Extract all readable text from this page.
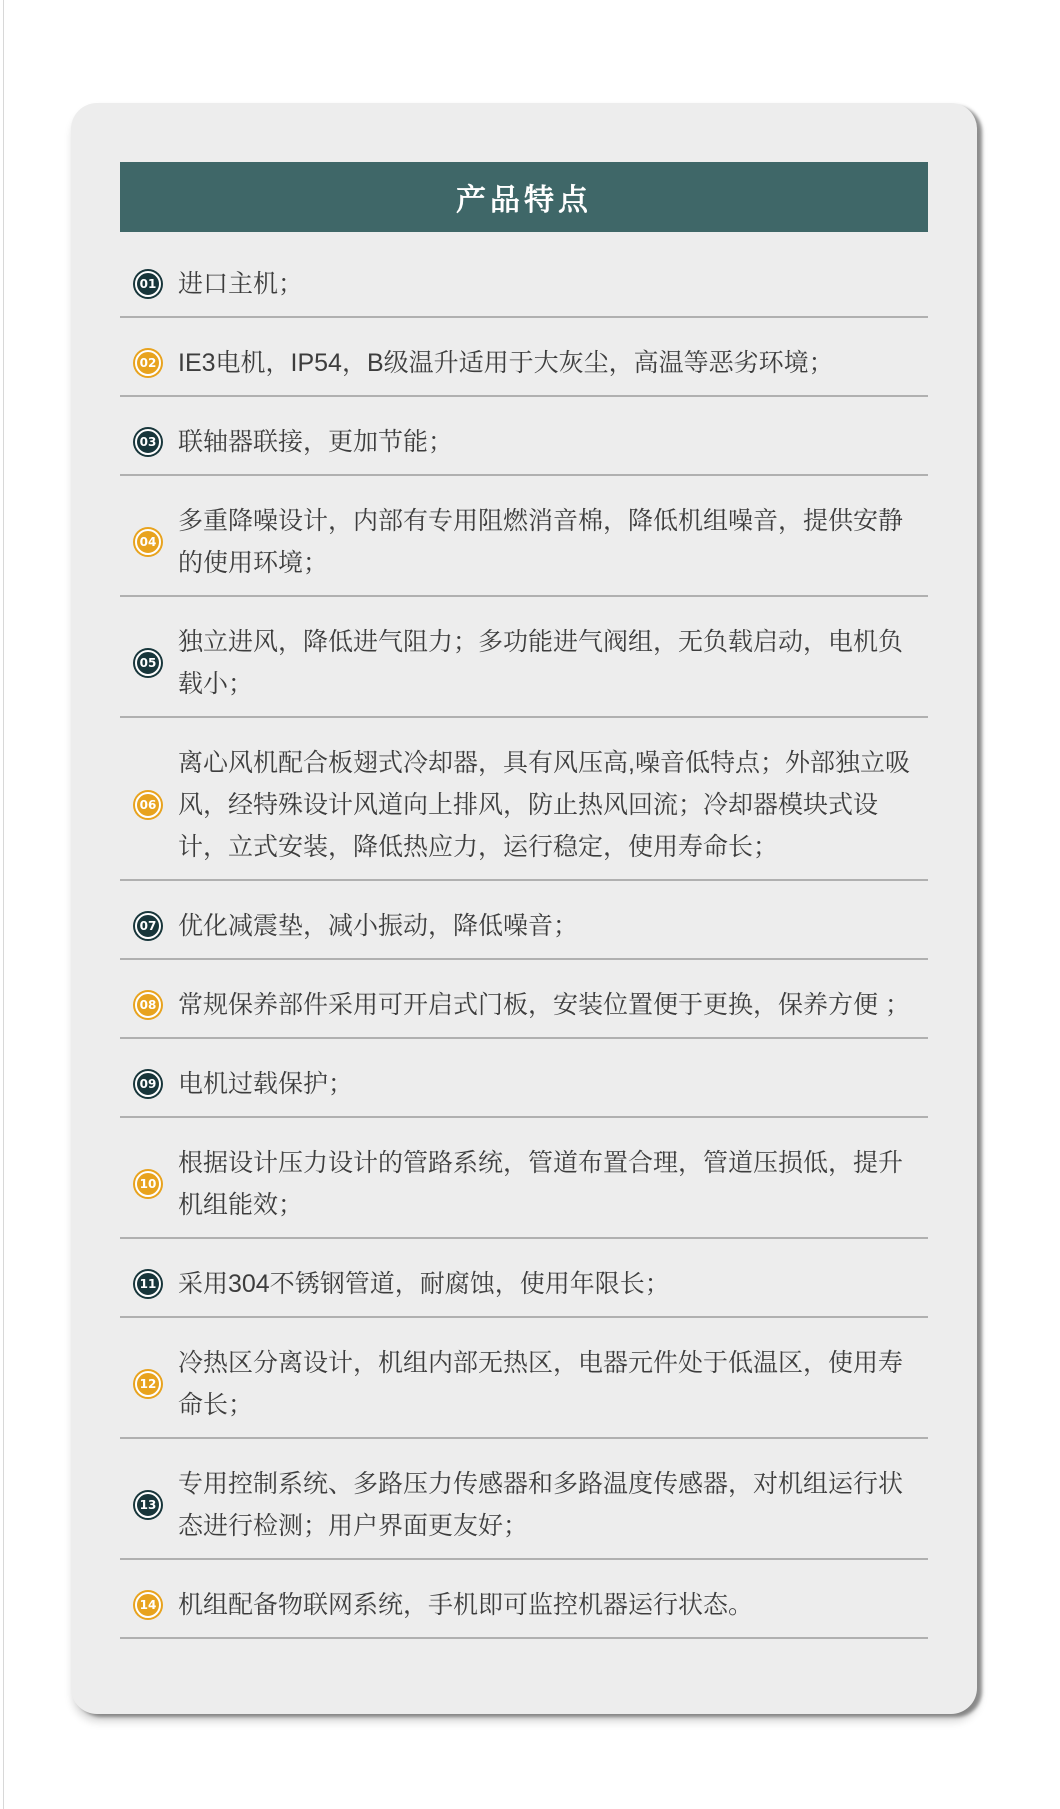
产品特点
01 进口主机；
02 IE3电机，IP54，B级温升适用于大灰尘，高温等恶劣环境；
03 联轴器联接，更加节能；
04
多重降噪设计，内部有专用阻燃消音棉，降低机组噪音，提供安静的使用环境；
05
独立进风，降低进气阻力；多功能进气阀组，无负载启动，电机负载小；
06
离心风机配合板翅式冷却器，具有风压高,噪音低特点；外部独立吸风，经特殊设计风道向上排风，防止热风回流；冷却器模块式设计，立式安装，降低热应力，运行稳定，使用寿命长；
07 优化减震垫，减小振动，降低噪音；
08 常规保养部件采用可开启式门板，安装位置便于更换，保养方便 ；
09 电机过载保护；
10
根据设计压力设计的管路系统，管道布置合理，管道压损低，提升机组能效；
11 采用304不锈钢管道，耐腐蚀，使用年限长；
12
冷热区分离设计，机组内部无热区，电器元件处于低温区，使用寿命长；
13
专用控制系统、多路压力传感器和多路温度传感器，对机组运行状态进行检测；用户界面更友好；
14 机组配备物联网系统，手机即可监控机器运行状态。
